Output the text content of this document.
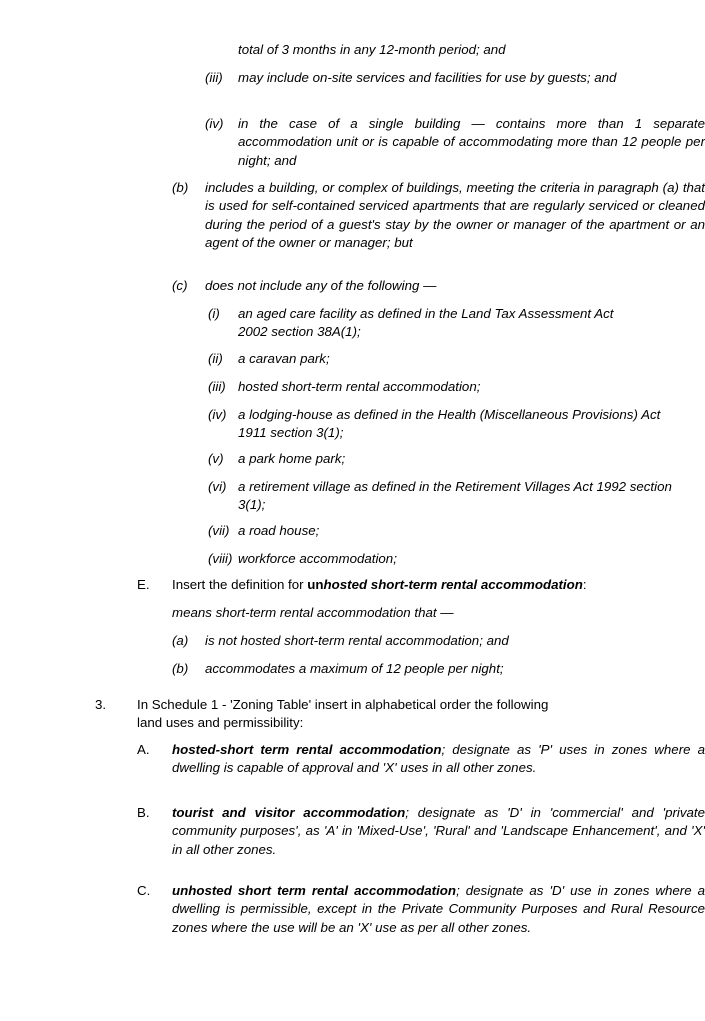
total of 3 months in any 12-month period; and
(iii) may include on-site services and facilities for use by guests; and
(iv) in the case of a single building — contains more than 1 separate accommodation unit or is capable of accommodating more than 12 people per night; and
(b) includes a building, or complex of buildings, meeting the criteria in paragraph (a) that is used for self-contained serviced apartments that are regularly serviced or cleaned during the period of a guest's stay by the owner or manager of the apartment or an agent of the owner or manager; but
(c) does not include any of the following —
(i) an aged care facility as defined in the Land Tax Assessment Act 2002 section 38A(1);
(ii) a caravan park;
(iii) hosted short-term rental accommodation;
(iv) a lodging-house as defined in the Health (Miscellaneous Provisions) Act 1911 section 3(1);
(v) a park home park;
(vi) a retirement village as defined in the Retirement Villages Act 1992 section 3(1);
(vii) a road house;
(viii) workforce accommodation;
E. Insert the definition for unhosted short-term rental accommodation:
means short-term rental accommodation that —
(a) is not hosted short-term rental accommodation; and
(b) accommodates a maximum of 12 people per night;
3. In Schedule 1 - 'Zoning Table' insert in alphabetical order the following land uses and permissibility:
A. hosted-short term rental accommodation; designate as 'P' uses in zones where a dwelling is capable of approval and 'X' uses in all other zones.
B. tourist and visitor accommodation; designate as 'D' in 'commercial' and 'private community purposes', as 'A' in 'Mixed-Use', 'Rural' and 'Landscape Enhancement', and 'X' in all other zones.
C. unhosted short term rental accommodation; designate as 'D' use in zones where a dwelling is permissible, except in the Private Community Purposes and Rural Resource zones where the use will be an 'X' use as per all other zones.
